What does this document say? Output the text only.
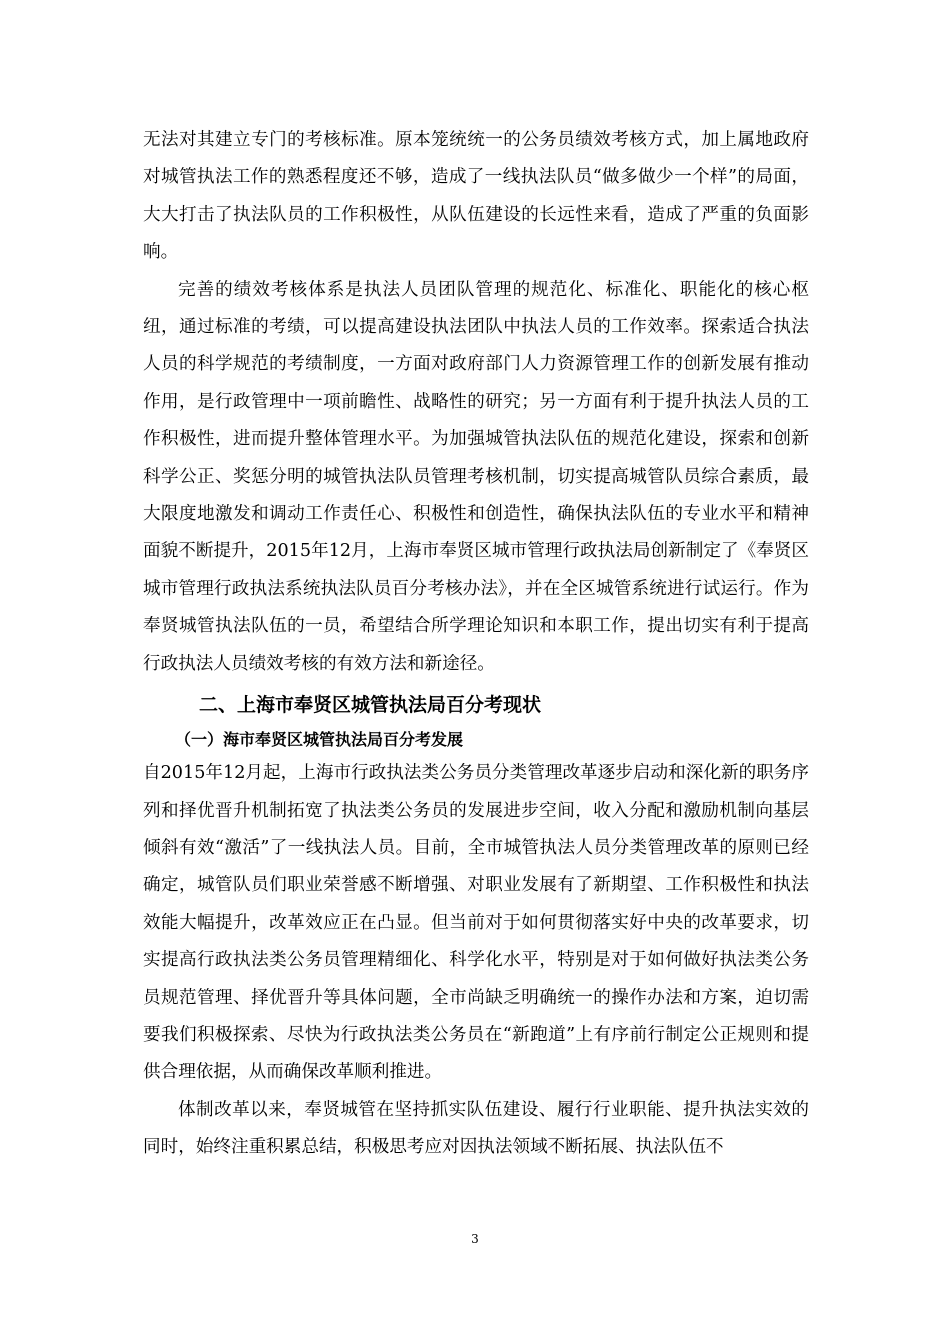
无法对其建立专门的考核标准。原本笼统统一的公务员绩效考核方式，加上属地政府对城管执法工作的熟悉程度还不够，造成了一线执法队员“做多做少一个样”的局面，大大打击了执法队员的工作积极性，从队伍建设的长远性来看，造成了严重的负面影响。

完善的绩效考核体系是执法人员团队管理的规范化、标准化、职能化的核心枢纽，通过标准的考绩，可以提高建设执法团队中执法人员的工作效率。探索适合执法人员的科学规范的考绩制度，一方面对政府部门人力资源管理工作的创新发展有推动作用，是行政管理中一项前瞻性、战略性的研究；另一方面有利于提升执法人员的工作积极性，进而提升整体管理水平。为加强城管执法队伍的规范化建设，探索和创新科学公正、奖惩分明的城管执法队员管理考核机制，切实提高城管队员综合素质，最大限度地激发和调动工作责任心、积极性和创造性，确保执法队伍的专业水平和精神面貌不断提升，2015年12月，上海市奉贤区城市管理行政执法局创新制定了《奉贤区城市管理行政执法系统执法队员百分考核办法》，并在全区城管系统进行试运行。作为奉贤城管执法队伍的一员，希望结合所学理论知识和本职工作，提出切实有利于提高行政执法人员绩效考核的有效方法和新途径。

二、上海市奉贤区城管执法局百分考现状
（一）海市奉贤区城管执法局百分考发展

自2015年12月起，上海市行政执法类公务员分类管理改革逐步启动和深化新的职务序列和择优晋升机制拓宽了执法类公务员的发展进步空间，收入分配和激励机制向基层倾斜有效“激活”了一线执法人员。目前，全市城管执法人员分类管理改革的原则已经确定，城管队员们职业荣誉感不断增强、对职业发展有了新期望、工作积极性和执法效能大幅提升，改革效应正在凸显。但当前对于如何贯彻落实好中央的改革要求，切实提高行政执法类公务员管理精细化、科学化水平，特别是对于如何做好执法类公务员规范管理、择优晋升等具体问题，全市尚缺乏明确统一的操作办法和方案，迫切需要我们积极探索、尽快为行政执法类公务员在“新跑道”上有序前行制定公正规则和提供合理依据，从而确保改革顺利推进。

体制改革以来，奉贤城管在坚持抓实队伍建设、履行行业职能、提升执法实效的同时，始终注重积累总结，积极思考应对因执法领域不断拓展、执法队伍不

3
